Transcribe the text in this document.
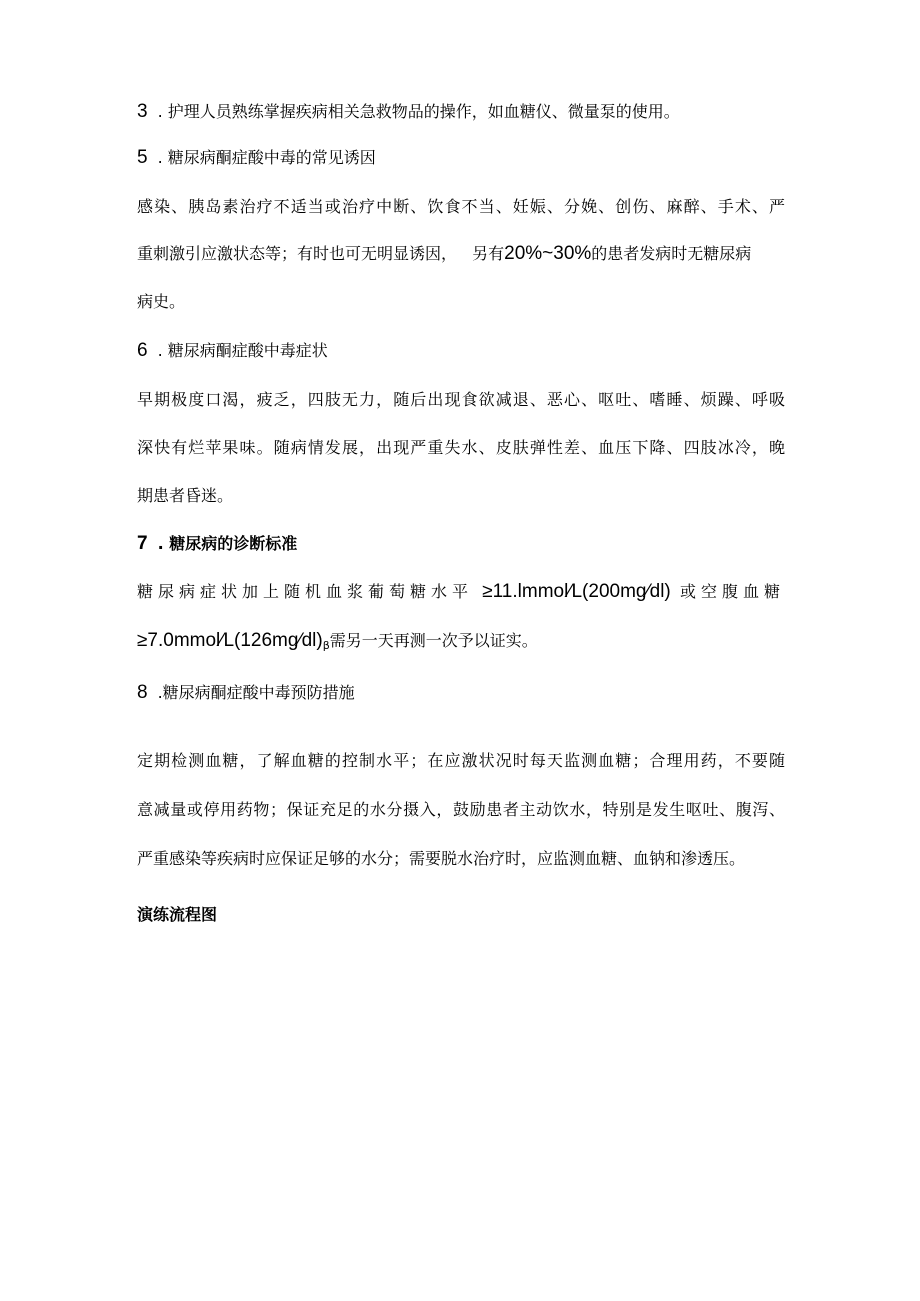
3 . 护理人员熟练掌握疾病相关急救物品的操作，如血糖仪、微量泵的使用。
5 . 糖尿病酮症酸中毒的常见诱因
感染、胰岛素治疗不适当或治疗中断、饮食不当、妊娠、分娩、创伤、麻醉、手术、严
重刺激引应激状态等；有时也可无明显诱因， 另有20%~30%的患者发病时无糖尿病
病史。
6 . 糖尿病酮症酸中毒症状
早期极度口渴，疲乏，四肢无力，随后出现食欲减退、恶心、呕吐、嗜睡、烦躁、呼吸
深快有烂苹果味。随病情发展，出现严重失水、皮肤弹性差、血压下降、四肢冰冷，晚
期患者昏迷。
7 . 糖尿病的诊断标准
糖尿病症状加上随机血浆葡萄糖水平 ≥11.lmmol⁄L(200mg⁄dl) 或空腹血糖
≥7.0mmol⁄L(126mg⁄dl)β需另一天再测一次予以证实。
8 .糖尿病酮症酸中毒预防措施
定期检测血糖，了解血糖的控制水平；在应激状况时每天监测血糖；合理用药，不要随
意减量或停用药物；保证充足的水分摄入，鼓励患者主动饮水，特别是发生呕吐、腹泻、
严重感染等疾病时应保证足够的水分；需要脱水治疗时，应监测血糖、血钠和渗透压。
演练流程图
